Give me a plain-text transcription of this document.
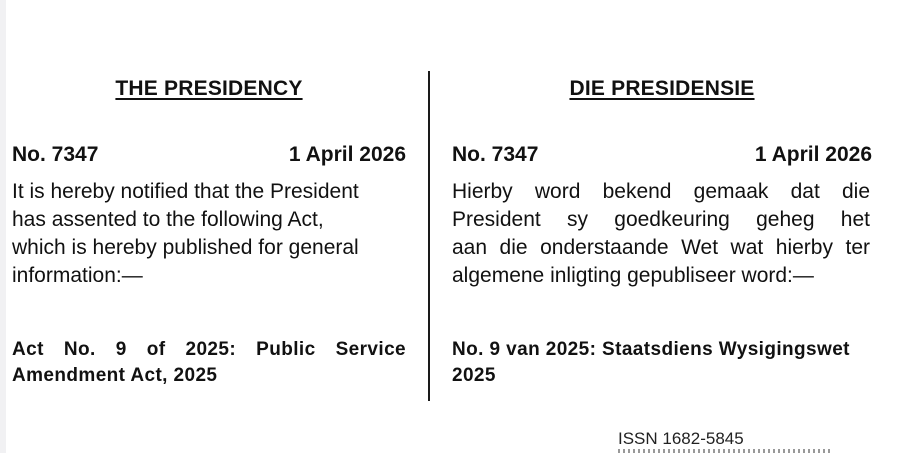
THE PRESIDENCY
No. 7347	1 April 2026
It is hereby notified that the President
has assented to the following Act,
which is hereby published for general
information:—
Act No. 9 of 2025: Public Service
Amendment Act, 2025
DIE PRESIDENSIE
No. 7347	1 April 2026
Hierby word bekend gemaak dat die
President sy goedkeuring geheg het
aan die onderstaande Wet wat hierby ter
algemene inligting gepubliseer word:—
No. 9 van 2025: Staatsdiens Wysigingswet
2025
ISSN 1682-5845
